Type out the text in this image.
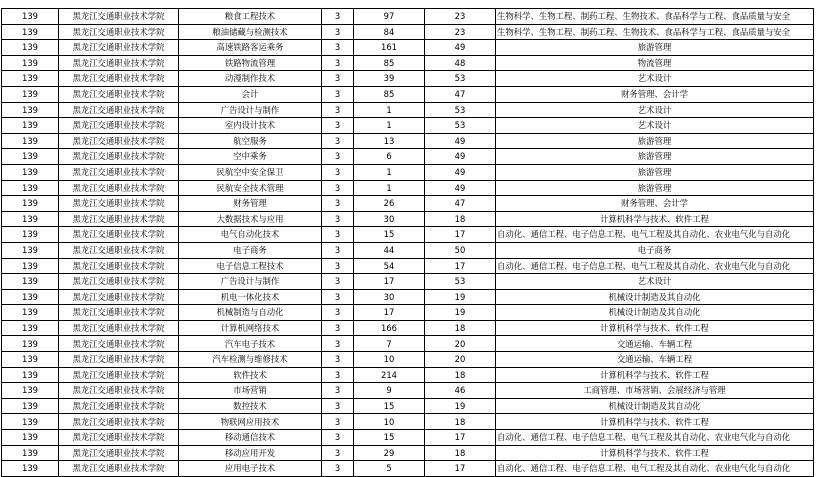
139	黑龙江交通职业技术学院	粮食工程技术	3	97	23	生物科学、生物工程、制药工程、生物技术、食品科学与工程、食品质量与安全
139	黑龙江交通职业技术学院	粮油储藏与检测技术	3	84	23	生物科学、生物工程、制药工程、生物技术、食品科学与工程、食品质量与安全
139	黑龙江交通职业技术学院	高速铁路客运乘务	3	161	49	旅游管理
139	黑龙江交通职业技术学院	铁路物流管理	3	85	48	物流管理
139	黑龙江交通职业技术学院	动漫制作技术	3	39	53	艺术设计
139	黑龙江交通职业技术学院	会计	3	85	47	财务管理、会计学
139	黑龙江交通职业技术学院	广告设计与制作	3	1	53	艺术设计
139	黑龙江交通职业技术学院	室内设计技术	3	1	53	艺术设计
139	黑龙江交通职业技术学院	航空服务	3	13	49	旅游管理
139	黑龙江交通职业技术学院	空中乘务	3	6	49	旅游管理
139	黑龙江交通职业技术学院	民航空中安全保卫	3	1	49	旅游管理
139	黑龙江交通职业技术学院	民航安全技术管理	3	1	49	旅游管理
139	黑龙江交通职业技术学院	财务管理	3	26	47	财务管理、会计学
139	黑龙江交通职业技术学院	大数据技术与应用	3	30	18	计算机科学与技术、软件工程
139	黑龙江交通职业技术学院	电气自动化技术	3	15	17	自动化、通信工程、电子信息工程、电气工程及其自动化、农业电气化与自动化
139	黑龙江交通职业技术学院	电子商务	3	44	50	电子商务
139	黑龙江交通职业技术学院	电子信息工程技术	3	54	17	自动化、通信工程、电子信息工程、电气工程及其自动化、农业电气化与自动化
139	黑龙江交通职业技术学院	广告设计与制作	3	17	53	艺术设计
139	黑龙江交通职业技术学院	机电一体化技术	3	30	19	机械设计制造及其自动化
139	黑龙江交通职业技术学院	机械制造与自动化	3	17	19	机械设计制造及其自动化
139	黑龙江交通职业技术学院	计算机网络技术	3	166	18	计算机科学与技术、软件工程
139	黑龙江交通职业技术学院	汽车电子技术	3	7	20	交通运输、车辆工程
139	黑龙江交通职业技术学院	汽车检测与维修技术	3	10	20	交通运输、车辆工程
139	黑龙江交通职业技术学院	软件技术	3	214	18	计算机科学与技术、软件工程
139	黑龙江交通职业技术学院	市场营销	3	9	46	工商管理、市场营销、会展经济与管理
139	黑龙江交通职业技术学院	数控技术	3	15	19	机械设计制造及其自动化
139	黑龙江交通职业技术学院	物联网应用技术	3	10	18	计算机科学与技术、软件工程
139	黑龙江交通职业技术学院	移动通信技术	3	15	17	自动化、通信工程、电子信息工程、电气工程及其自动化、农业电气化与自动化
139	黑龙江交通职业技术学院	移动应用开发	3	29	18	计算机科学与技术、软件工程
139	黑龙江交通职业技术学院	应用电子技术	3	5	17	自动化、通信工程、电子信息工程、电气工程及其自动化、农业电气化与自动化
